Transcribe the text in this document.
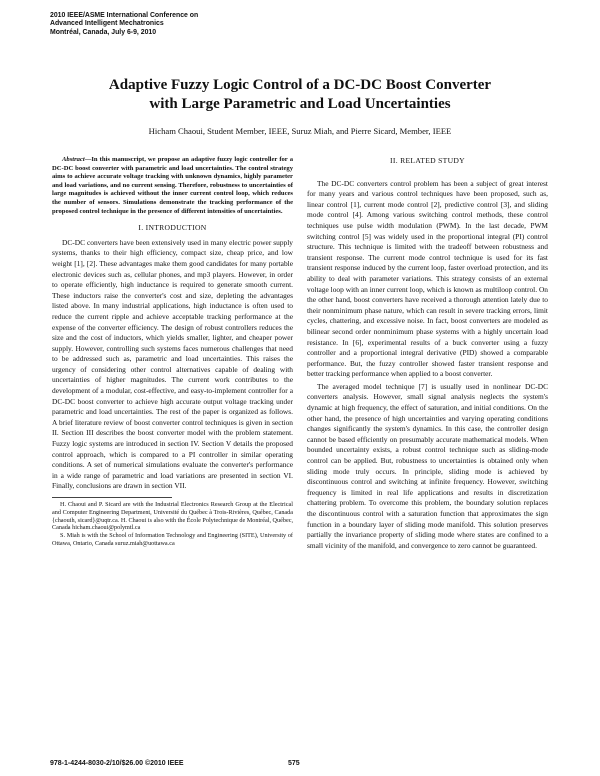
2010 IEEE/ASME International Conference on
Advanced Intelligent Mechatronics
Montréal, Canada, July 6-9, 2010
Adaptive Fuzzy Logic Control of a DC-DC Boost Converter
with Large Parametric and Load Uncertainties
Hicham Chaoui, Student Member, IEEE, Suruz Miah, and Pierre Sicard, Member, IEEE

Abstract—In this manuscript, we propose an adaptive fuzzy logic controller for a DC-DC boost converter with parametric and load uncertainties. The control strategy aims to achieve accurate voltage tracking with unknown dynamics, highly parameter and load variations, and no current sensing. Therefore, robustness to uncertainties of large magnitudes is achieved without the inner current control loop, which reduces the number of sensors. Simulations demonstrate the tracking performance of the proposed control technique in the presence of different intensities of uncertainties.

I. INTRODUCTION

DC-DC converters have been extensively used in many electric power supply systems, thanks to their high efficiency, compact size, cheap price, and low weight [1], [2]. These advantages make them good candidates for many portable electronic devices such as, cellular phones, and mp3 players. However, in order to operate efficiently, high inductance is required to generate smooth current. These inductors raise the converter's cost and size, depleting the advantages listed above. In many industrial applications, high inductance is often used to reduce the current ripple and achieve acceptable tracking performance at the expense of the converter efficiency. The design of robust controllers reduces the size and the cost of inductors, which yields smaller, lighter, and cheaper power supply. However, controlling such systems faces numerous challenges that need to be addressed such as, parametric and load uncertainties. This raises the urgency of considering other control alternatives capable of dealing with uncertainties of higher magnitudes. The current work contributes to the development of a modular, cost-effective, and easy-to-implement controller for a DC-DC boost converter to achieve high accurate output voltage tracking under parametric and load uncertainties. The rest of the paper is organized as follows. A brief literature review of boost converter control techniques is given in section II. Section III describes the boost converter model with the problem statement. Fuzzy logic systems are introduced in section IV. Section V details the proposed control approach, which is compared to a PI controller in similar operating conditions. A set of numerical simulations evaluate the converter's performance in a wide range of parametric and load variations are presented in section VI. Finally, conclusions are drawn in section VII.

H. Chaoui and P. Sicard are with the Industrial Electronics Research Group at the Electrical and Computer Engineering Department, Université du Québec à Trois-Rivières, Québec, Canada {chaouih, sicard}@uqtr.ca. H. Chaoui is also with the École Polytechnique de Montréal, Québec, Canada hicham.chaoui@polymtl.ca

S. Miah is with the School of Information Technology and Engineering (SITE), University of Ottawa, Ontario, Canada suruz.miah@uottawa.ca

II. RELATED STUDY

The DC-DC converters control problem has been a subject of great interest for many years and various control techniques have been proposed, such as, linear control [1], current mode control [2], predictive control [3], and sliding mode control [4]. Among various switching control methods, these control techniques use pulse width modulation (PWM). In the last decade, PWM switching control [5] was widely used in the proportional integral (PI) control structure. This technique is limited with the tradeoff between robustness and transient response. The current mode control technique is used for its fast transient response induced by the current loop, faster overload protection, and its ability to deal with parameter variations. This strategy consists of an external voltage loop with an inner current loop, which is known as multiloop control. On the other hand, boost converters have received a thorough attention lately due to their nonminimum phase nature, which can result in severe tracking errors, limit cycles, chattering, and excessive noise. In fact, boost converters are modeled as bilinear second order nonminimum phase systems with a highly uncertain load resistance. In [6], experimental results of a buck converter using a fuzzy controller and a proportional integral derivative (PID) showed a comparable performance. But, the fuzzy controller showed faster transient response and better tracking performance when applied to a boost converter.

The averaged model technique [7] is usually used in nonlinear DC-DC converters analysis. However, small signal analysis neglects the system's dynamic at high frequency, the effect of saturation, and initial conditions. On the other hand, the presence of high uncertainties and varying operating conditions changes significantly the system's dynamics. In this case, the controller design cannot be based efficiently on presumably accurate mathematical models. When bounded uncertainty exists, a robust control technique such as sliding-mode control can be applied. But, robustness to uncertainties is obtained only when sliding mode truly occurs. In principle, sliding mode is achieved by discontinuous control and switching at infinite frequency. However, switching frequency is limited in real life applications and results in discretization chattering problem. To overcome this problem, the boundary solution replaces the discontinuous control with a saturation function that approximates the sign function in a boundary layer of sliding mode manifold. This solution preserves partially the invariance property of sliding mode where states are confined to a small vicinity of the manifold, and convergence to zero cannot be guaranteed.

978-1-4244-8030-2/10/$26.00 ©2010 IEEE	575
